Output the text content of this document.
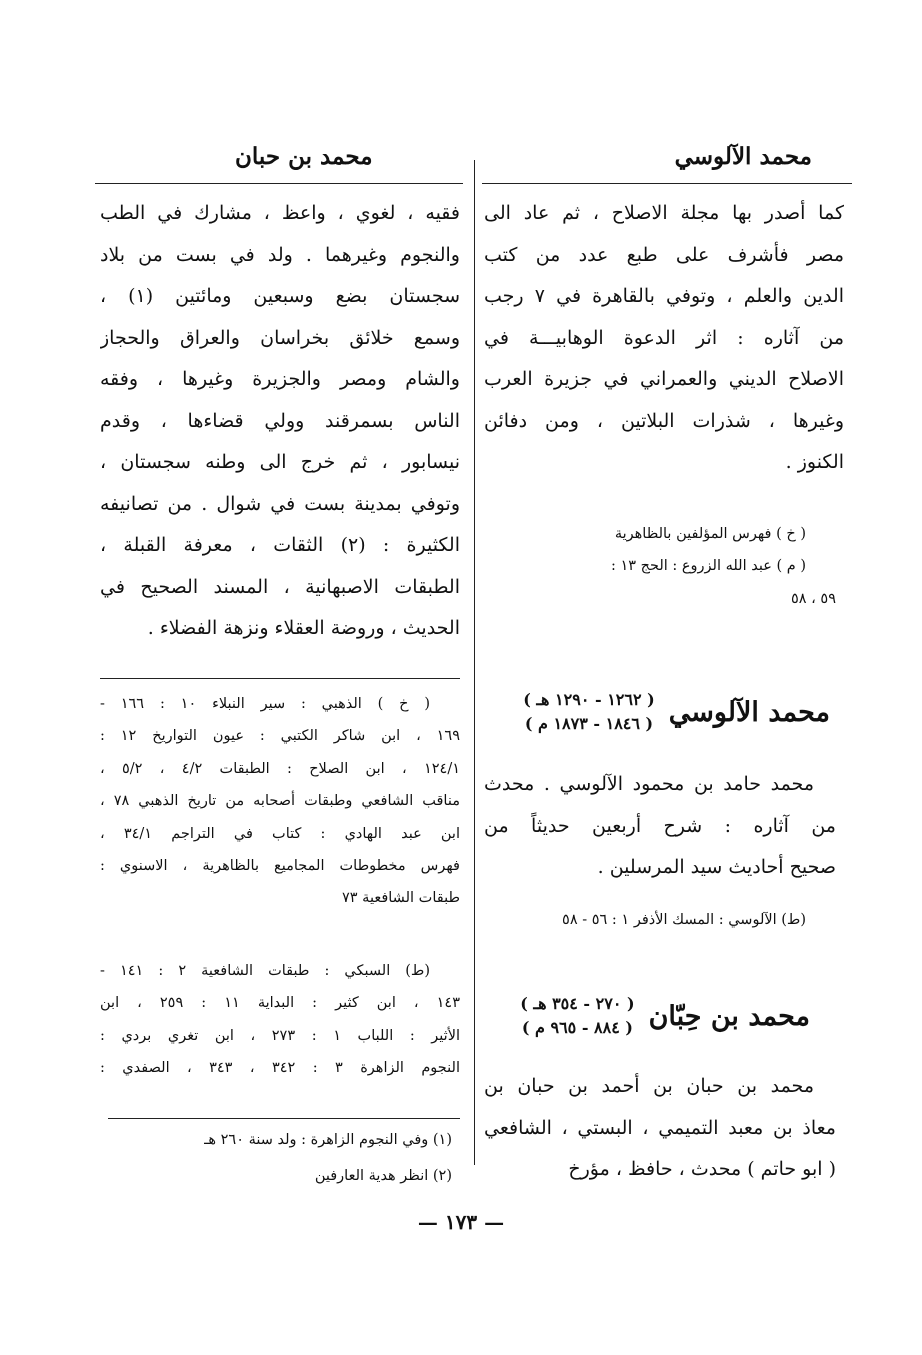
محمد الآلوسي
محمد بن حبان
كما أصدر بها مجلة الاصلاح ، ثم عاد الى
مصر فأشرف على طبع عدد من كتب
الدين والعلم ، وتوفي بالقاهرة في ٧ رجب
من آثاره : اثر الدعوة الوهابيـــة في
الاصلاح الديني والعمراني في جزيرة العرب
وغيرها ، شذرات البلاتين ، ومن دفائن
الكنوز .
( خ ) فهرس المؤلفين بالظاهرية
( م ) عبد الله الزروع : الحج ١٣ :
٥٩ ، ٥٨
محمد الآلوسي
( ١٢٦٢ - ١٢٩٠ هـ )
( ١٨٤٦ - ١٨٧٣ م )
محمد حامد بن محمود الآلوسي . محدث
من آثاره : شرح أربعين حديثاً من
صحيح أحاديث سيد المرسلين .
(ط) الآلوسي : المسك الأذفر ١ : ٥٦ - ٥٨
محمد بن حِبّان
( ٢٧٠ - ٣٥٤ هـ )
( ٨٨٤ - ٩٦٥ م )
محمد بن حبان بن أحمد بن حبان بن
معاذ بن معبد التميمي ، البستي ، الشافعي
( ابو حاتم ) محدث ، حافظ ، مؤرخ
فقيه ، لغوي ، واعظ ، مشارك في الطب
والنجوم وغيرهما . ولد في بست من بلاد
سجستان بضع وسبعين ومائتين (١) ،
وسمع خلائق بخراسان والعراق والحجاز
والشام ومصر والجزيرة وغيرها ، وفقه
الناس بسمرقند وولي قضاءها ، وقدم
نيسابور ، ثم خرج الى وطنه سجستان ،
وتوفي بمدينة بست في شوال . من تصانيفه
الكثيرة : (٢) الثقات ، معرفة القبلة ،
الطبقات الاصبهانية ، المسند الصحيح في
الحديث ، وروضة العقلاء ونزهة الفضلاء .
( خ ) الذهبي : سير النبلاء ١٠ : ١٦٦ -
١٦٩ ، ابن شاكر الكتبي : عيون التواريخ ١٢ :
١٢٤/١ ، ابن الصلاح : الطبقات ٤/٢ ، ٥/٢ ،
مناقب الشافعي وطبقات أصحابه من تاريخ الذهبي ٧٨ ،
ابن عبد الهادي : كتاب في التراجم ٣٤/١ ،
فهرس مخطوطات المجاميع بالظاهرية ، الاسنوي :
طبقات الشافعية ٧٣
(ط) السبكي : طبقات الشافعية ٢ : ١٤١ -
١٤٣ ، ابن كثير : البداية ١١ : ٢٥٩ ، ابن
الأثير : اللباب ١ : ٢٧٣ ، ابن تغري بردي :
النجوم الزاهرة ٣ : ٣٤٢ ، ٣٤٣ ، الصفدي :
(١) وفي النجوم الزاهرة : ولد سنة ٢٦٠ هـ
(٢) انظر هدية العارفين
— ١٧٣ —
